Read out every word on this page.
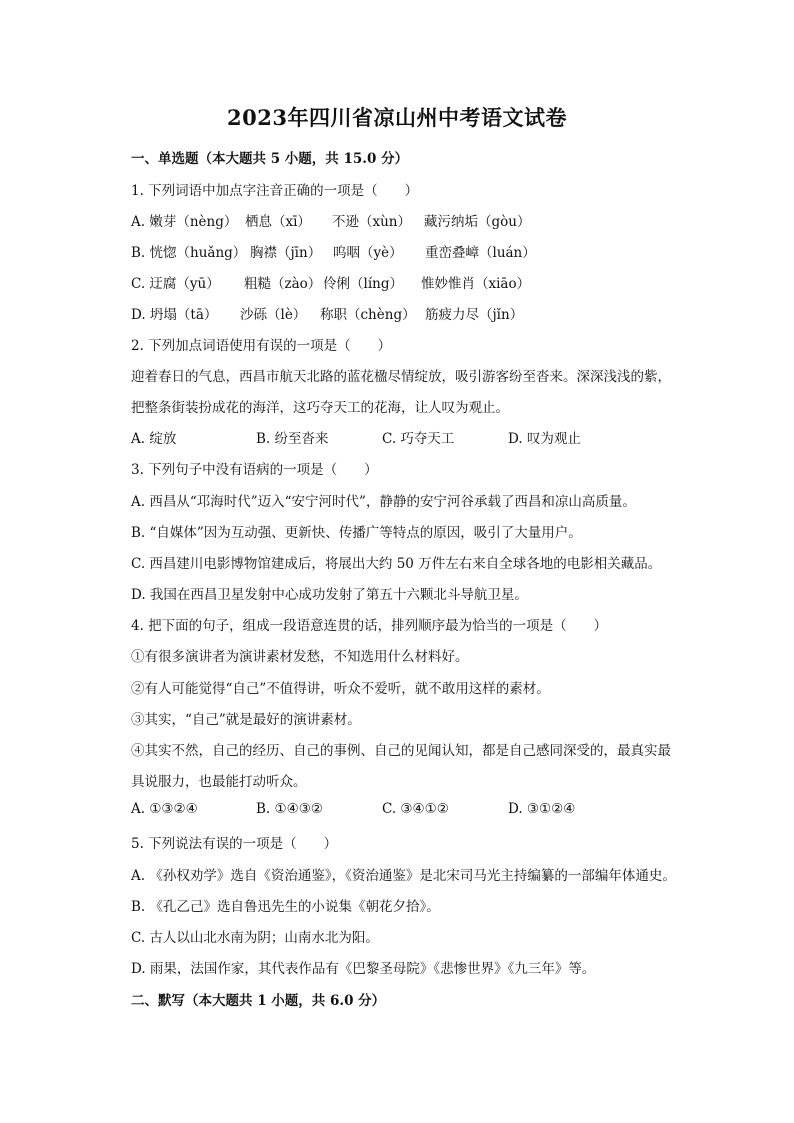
2023年四川省凉山州中考语文试卷
一、单选题（本大题共 5 小题，共 15.0 分）
1. 下列词语中加点字注音正确的一项是（　　）
A. 嫩芽（nèng） 栖息（xī） 不逊（xùn） 藏污纳垢（gòu）
B. 恍惚（huǎng） 胸襟（jīn） 呜咽（yè） 重峦叠嶂（luán）
C. 迂腐（yū） 粗糙（zào） 伶俐（líng） 惟妙惟肖（xiāo）
D. 坍塌（tā） 沙砾（lè） 称职（chèng） 筋疲力尽（jǐn）
2. 下列加点词语使用有误的一项是（　　）
迎着春日的气息，西昌市航天北路的蓝花楹尽情绽放，吸引游客纷至沓来。深深浅浅的紫，
把整条街装扮成花的海洋，这巧夺天工的花海，让人叹为观止。
A. 绽放	B. 纷至沓来	C. 巧夺天工	D. 叹为观止
3. 下列句子中没有语病的一项是（　　）
A. 西昌从“邛海时代”迈入“安宁河时代”，静静的安宁河谷承载了西昌和凉山高质量。
B. “自媒体”因为互动强、更新快、传播广等特点的原因，吸引了大量用户。
C. 西昌建川电影博物馆建成后，将展出大约 50 万件左右来自全球各地的电影相关藏品。
D. 我国在西昌卫星发射中心成功发射了第五十六颗北斗导航卫星。
4. 把下面的句子，组成一段语意连贯的话，排列顺序最为恰当的一项是（　　）
①有很多演讲者为演讲素材发愁，不知选用什么材料好。
②有人可能觉得“自己”不值得讲，听众不爱听，就不敢用这样的素材。
③其实，“自己”就是最好的演讲素材。
④其实不然，自己的经历、自己的事例、自己的见闻认知，都是自己感同深受的，最真实最
具说服力，也最能打动听众。
A. ①③②④	B. ①④③②	C. ③④①②	D. ③①②④
5. 下列说法有误的一项是（　　）
A. 《孙权劝学》选自《资治通鉴》，《资治通鉴》是北宋司马光主持编纂的一部编年体通史。
B. 《孔乙己》选自鲁迅先生的小说集《朝花夕拾》。
C. 古人以山北水南为阴；山南水北为阳。
D. 雨果，法国作家，其代表作品有《巴黎圣母院》《悲惨世界》《九三年》等。
二、默写（本大题共 1 小题，共 6.0 分）
